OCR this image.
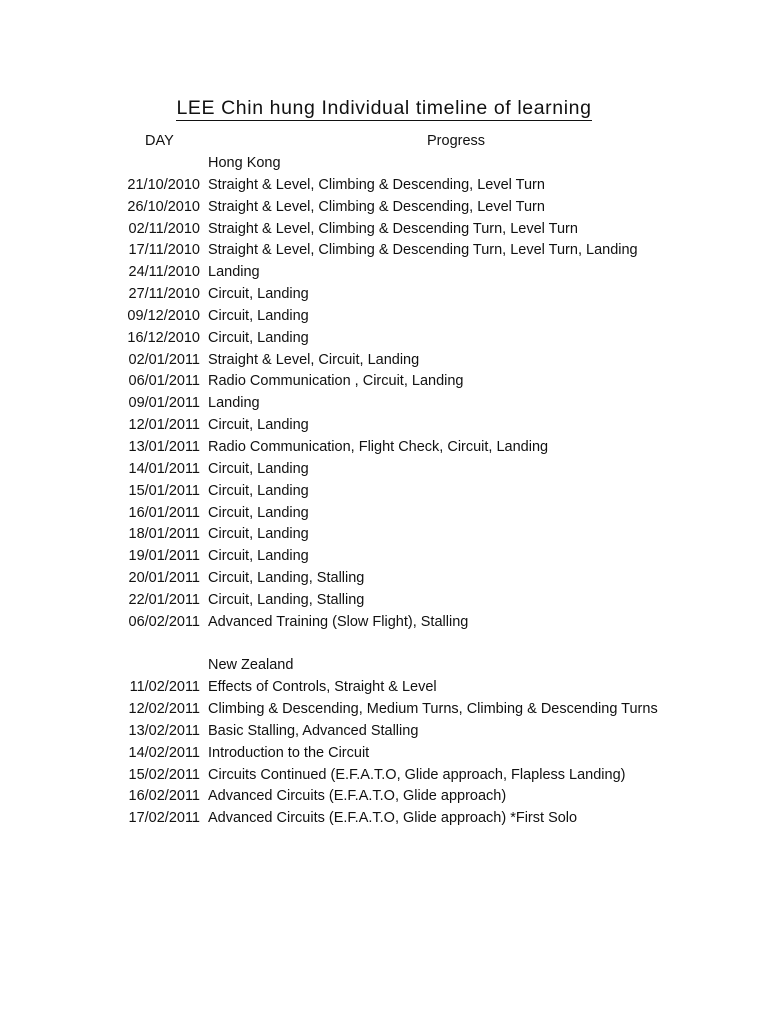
LEE Chin hung Individual timeline of learning
DAY	Progress
Hong Kong
21/10/2010 Straight & Level, Climbing & Descending, Level Turn
26/10/2010 Straight & Level, Climbing & Descending, Level Turn
02/11/2010 Straight & Level, Climbing & Descending Turn, Level Turn
17/11/2010 Straight & Level, Climbing & Descending Turn, Level Turn, Landing
24/11/2010 Landing
27/11/2010 Circuit, Landing
09/12/2010 Circuit, Landing
16/12/2010 Circuit, Landing
02/01/2011 Straight & Level, Circuit, Landing
06/01/2011 Radio Communication , Circuit, Landing
09/01/2011 Landing
12/01/2011 Circuit, Landing
13/01/2011 Radio Communication, Flight Check, Circuit, Landing
14/01/2011 Circuit, Landing
15/01/2011 Circuit, Landing
16/01/2011 Circuit, Landing
18/01/2011 Circuit, Landing
19/01/2011 Circuit, Landing
20/01/2011 Circuit, Landing, Stalling
22/01/2011 Circuit, Landing, Stalling
06/02/2011 Advanced Training (Slow Flight), Stalling
New Zealand
11/02/2011 Effects of Controls, Straight & Level
12/02/2011 Climbing & Descending, Medium Turns, Climbing & Descending Turns
13/02/2011 Basic Stalling, Advanced Stalling
14/02/2011 Introduction to the Circuit
15/02/2011 Circuits Continued (E.F.A.T.O, Glide approach, Flapless Landing)
16/02/2011 Advanced Circuits (E.F.A.T.O, Glide approach)
17/02/2011 Advanced Circuits (E.F.A.T.O, Glide approach) *First Solo
